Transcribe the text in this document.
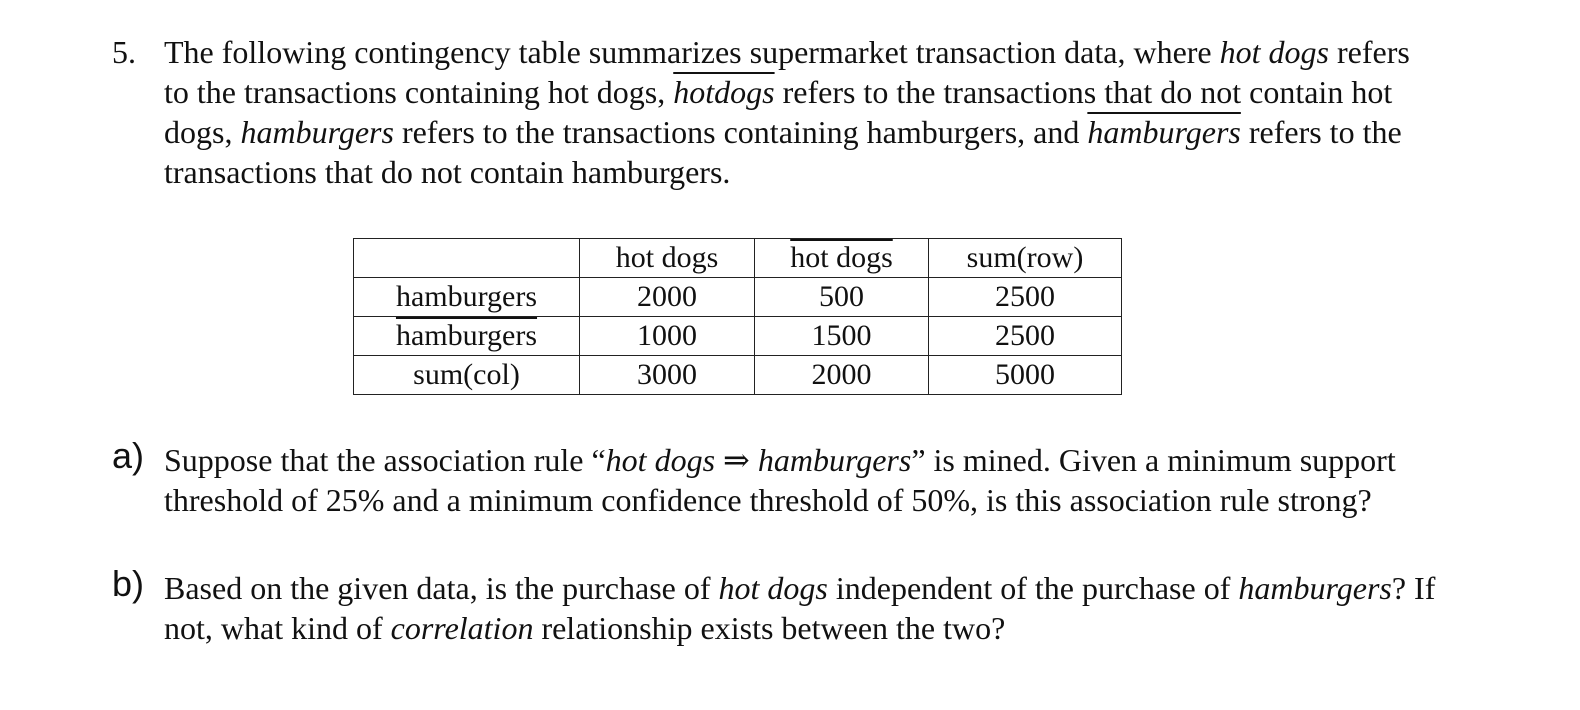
5. The following contingency table summarizes supermarket transaction data, where hot dogs refers to the transactions containing hot dogs, hotdogs refers to the transactions that do not contain hot dogs, hamburgers refers to the transactions containing hamburgers, and hamburgers refers to the transactions that do not contain hamburgers.
	hot dogs	hot dogs	sum(row)
hamburgers	2000	500	2500
hamburgers	1000	1500	2500
sum(col)	3000	2000	5000
a) Suppose that the association rule “hot dogs ⇒ hamburgers” is mined. Given a minimum support threshold of 25% and a minimum confidence threshold of 50%, is this association rule strong?
b) Based on the given data, is the purchase of hot dogs independent of the purchase of hamburgers? If not, what kind of correlation relationship exists between the two?
